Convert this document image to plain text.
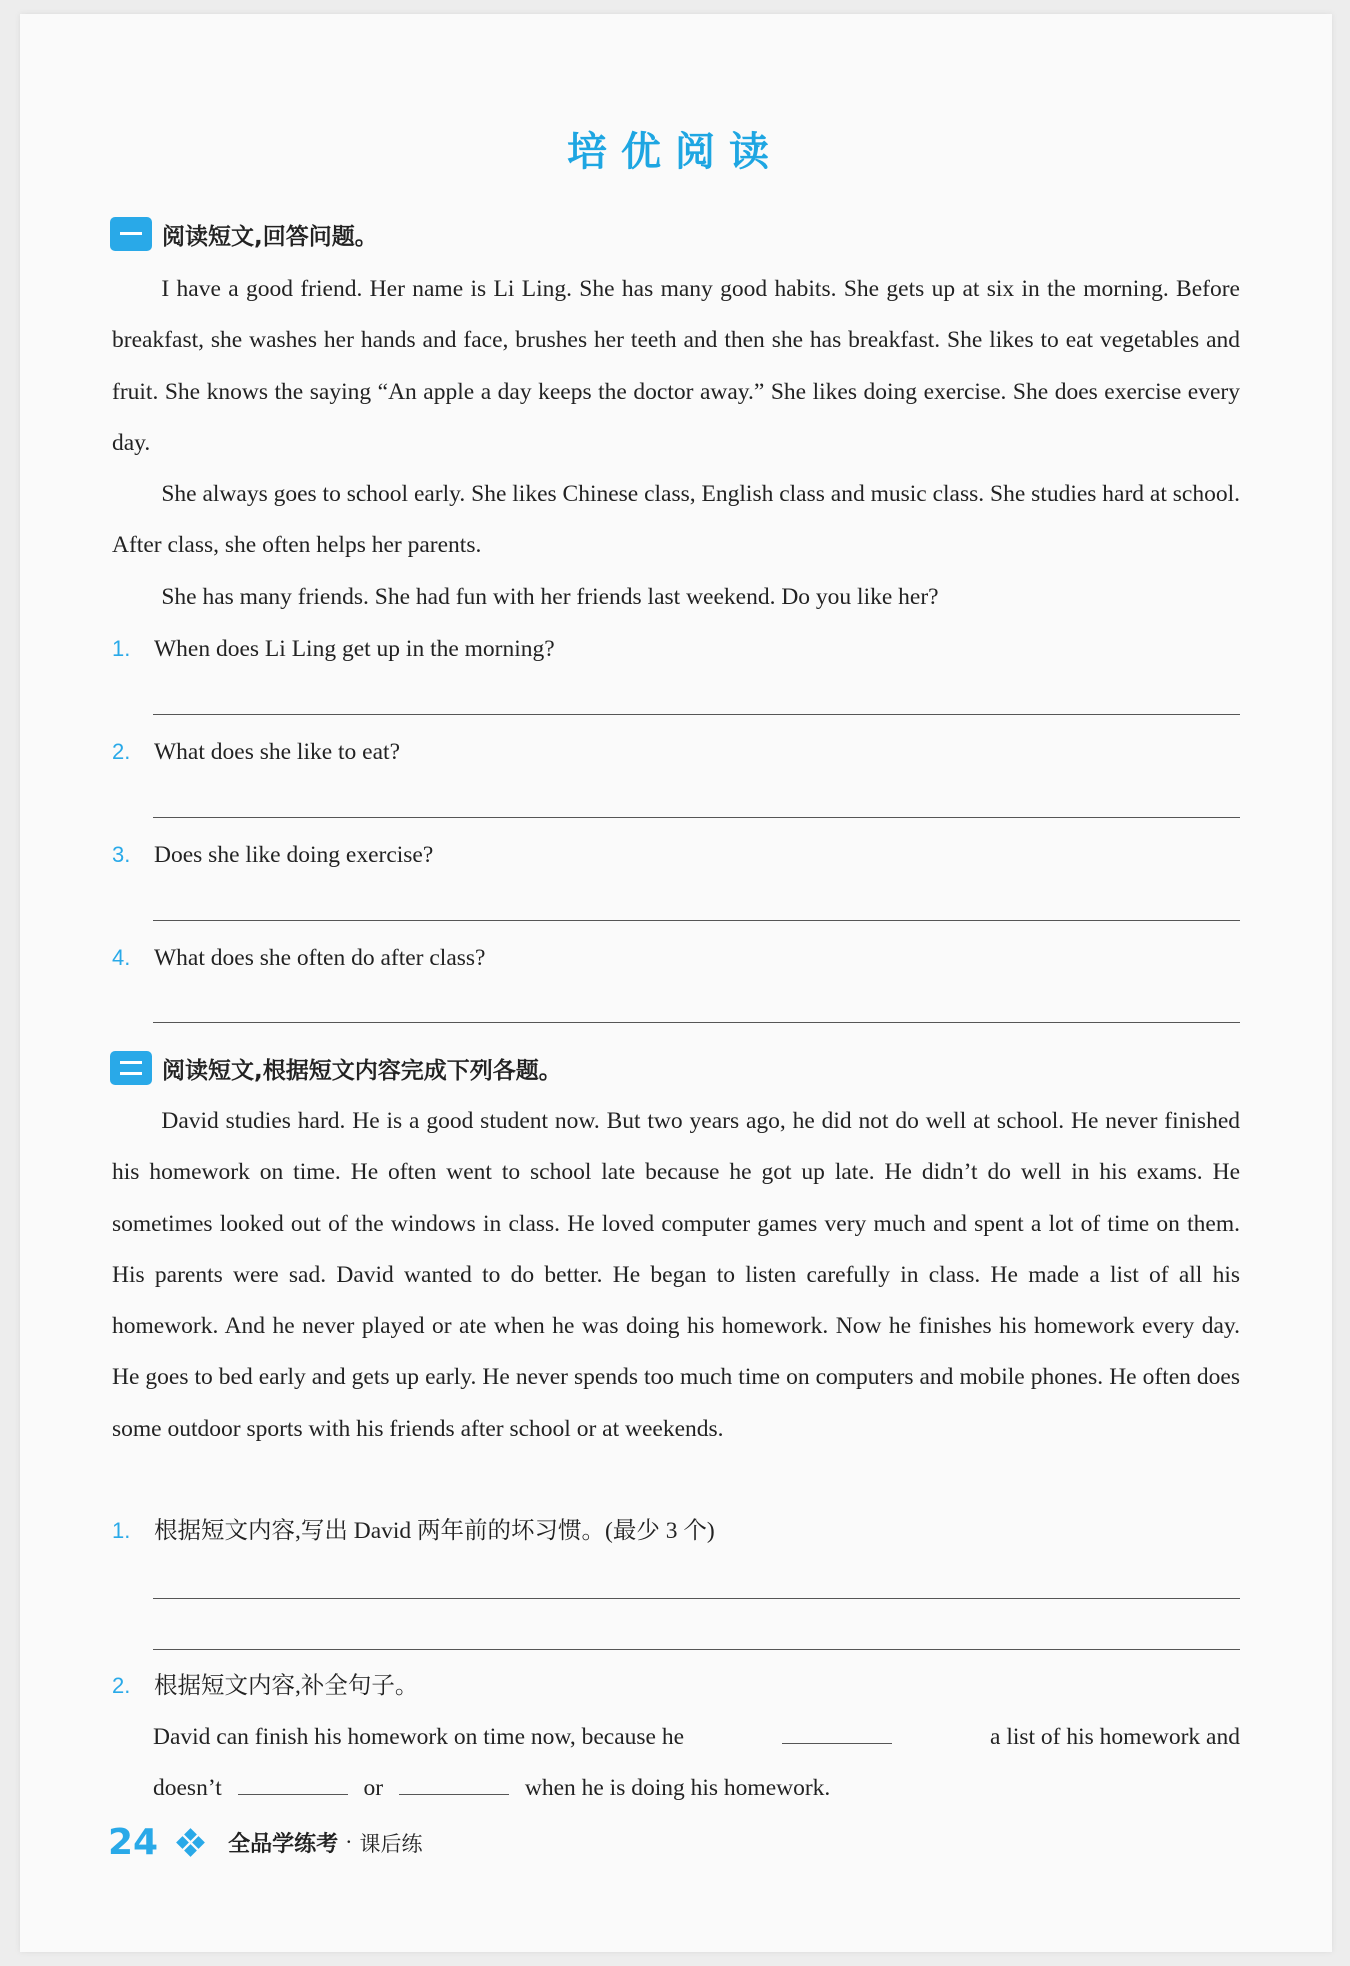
培优阅读
阅读短文,回答问题。

I have a good friend. Her name is Li Ling. She has many good habits. She gets up at six in the morning. Before breakfast, she washes her hands and face, brushes her teeth and then she has breakfast. She likes to eat vegetables and fruit. She knows the saying “An apple a day keeps the doctor away.” She likes doing exercise. She does exercise every day.

She always goes to school early. She likes Chinese class, English class and music class. She studies hard at school. After class, she often helps her parents.

She has many friends. She had fun with her friends last weekend. Do you like her?

1. When does Li Ling get up in the morning?
2. What does she like to eat?
3. Does she like doing exercise?
4. What does she often do after class?
阅读短文,根据短文内容完成下列各题。

David studies hard. He is a good student now. But two years ago, he did not do well at school. He never finished his homework on time. He often went to school late because he got up late. He didn’t do well in his exams. He sometimes looked out of the windows in class. He loved computer games very much and spent a lot of time on them. His parents were sad. David wanted to do better. He began to listen carefully in class. He made a list of all his homework. And he never played or ate when he was doing his homework. Now he finishes his homework every day. He goes to bed early and gets up early. He never spends too much time on computers and mobile phones. He often does some outdoor sports with his friends after school or at weekends.

1. 根据短文内容,写出 David 两年前的坏习惯。(最少 3 个)
2. 根据短文内容,补全句子。
David can finish his homework on time now, because he	a list of his homework and
doesn’t	or	when he is doing his homework.
24	全品学练考 · 课后练
